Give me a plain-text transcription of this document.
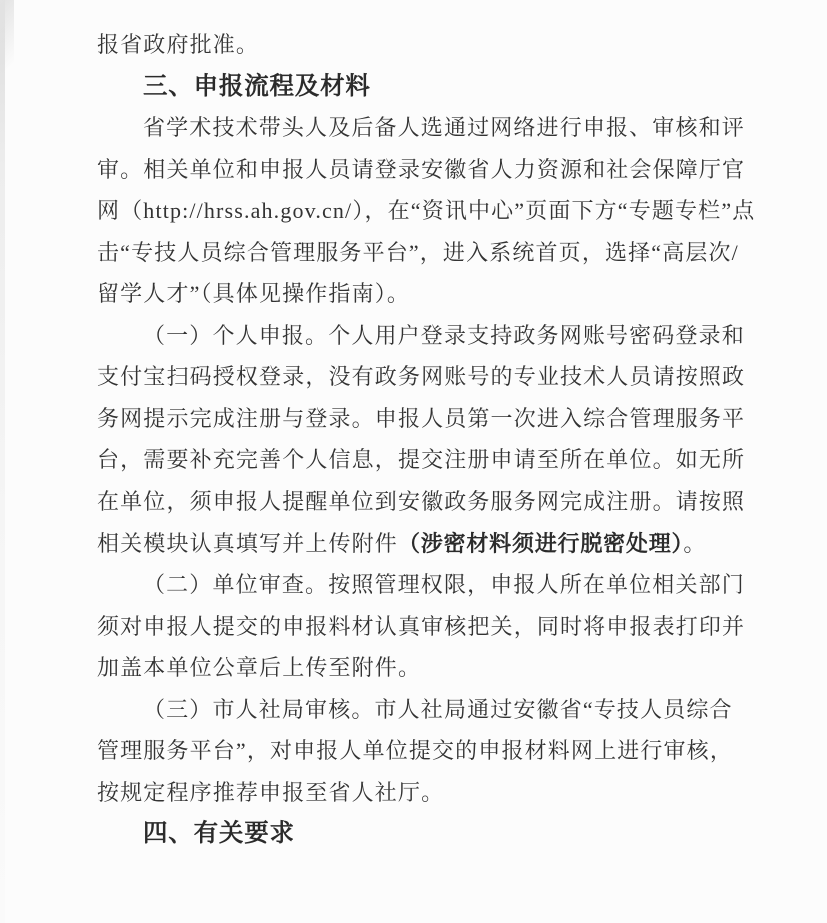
报省政府批准。
三、申报流程及材料
省学术技术带头人及后备人选通过网络进行申报、审核和评
审。相关单位和申报人员请登录安徽省人力资源和社会保障厅官
网（http://hrss.ah.gov.cn/），在“资讯中心”页面下方“专题专栏”点
击“专技人员综合管理服务平台”，进入系统首页，选择“高层次/
留学人才”（具体见操作指南）。
（一）个人申报。个人用户登录支持政务网账号密码登录和
支付宝扫码授权登录，没有政务网账号的专业技术人员请按照政
务网提示完成注册与登录。申报人员第一次进入综合管理服务平
台，需要补充完善个人信息，提交注册申请至所在单位。如无所
在单位，须申报人提醒单位到安徽政务服务网完成注册。请按照
相关模块认真填写并上传附件（涉密材料须进行脱密处理）。
（二）单位审查。按照管理权限，申报人所在单位相关部门
须对申报人提交的申报料材认真审核把关，同时将申报表打印并
加盖本单位公章后上传至附件。
（三）市人社局审核。市人社局通过安徽省“专技人员综合
管理服务平台”，对申报人单位提交的申报材料网上进行审核，
按规定程序推荐申报至省人社厅。
四、有关要求
